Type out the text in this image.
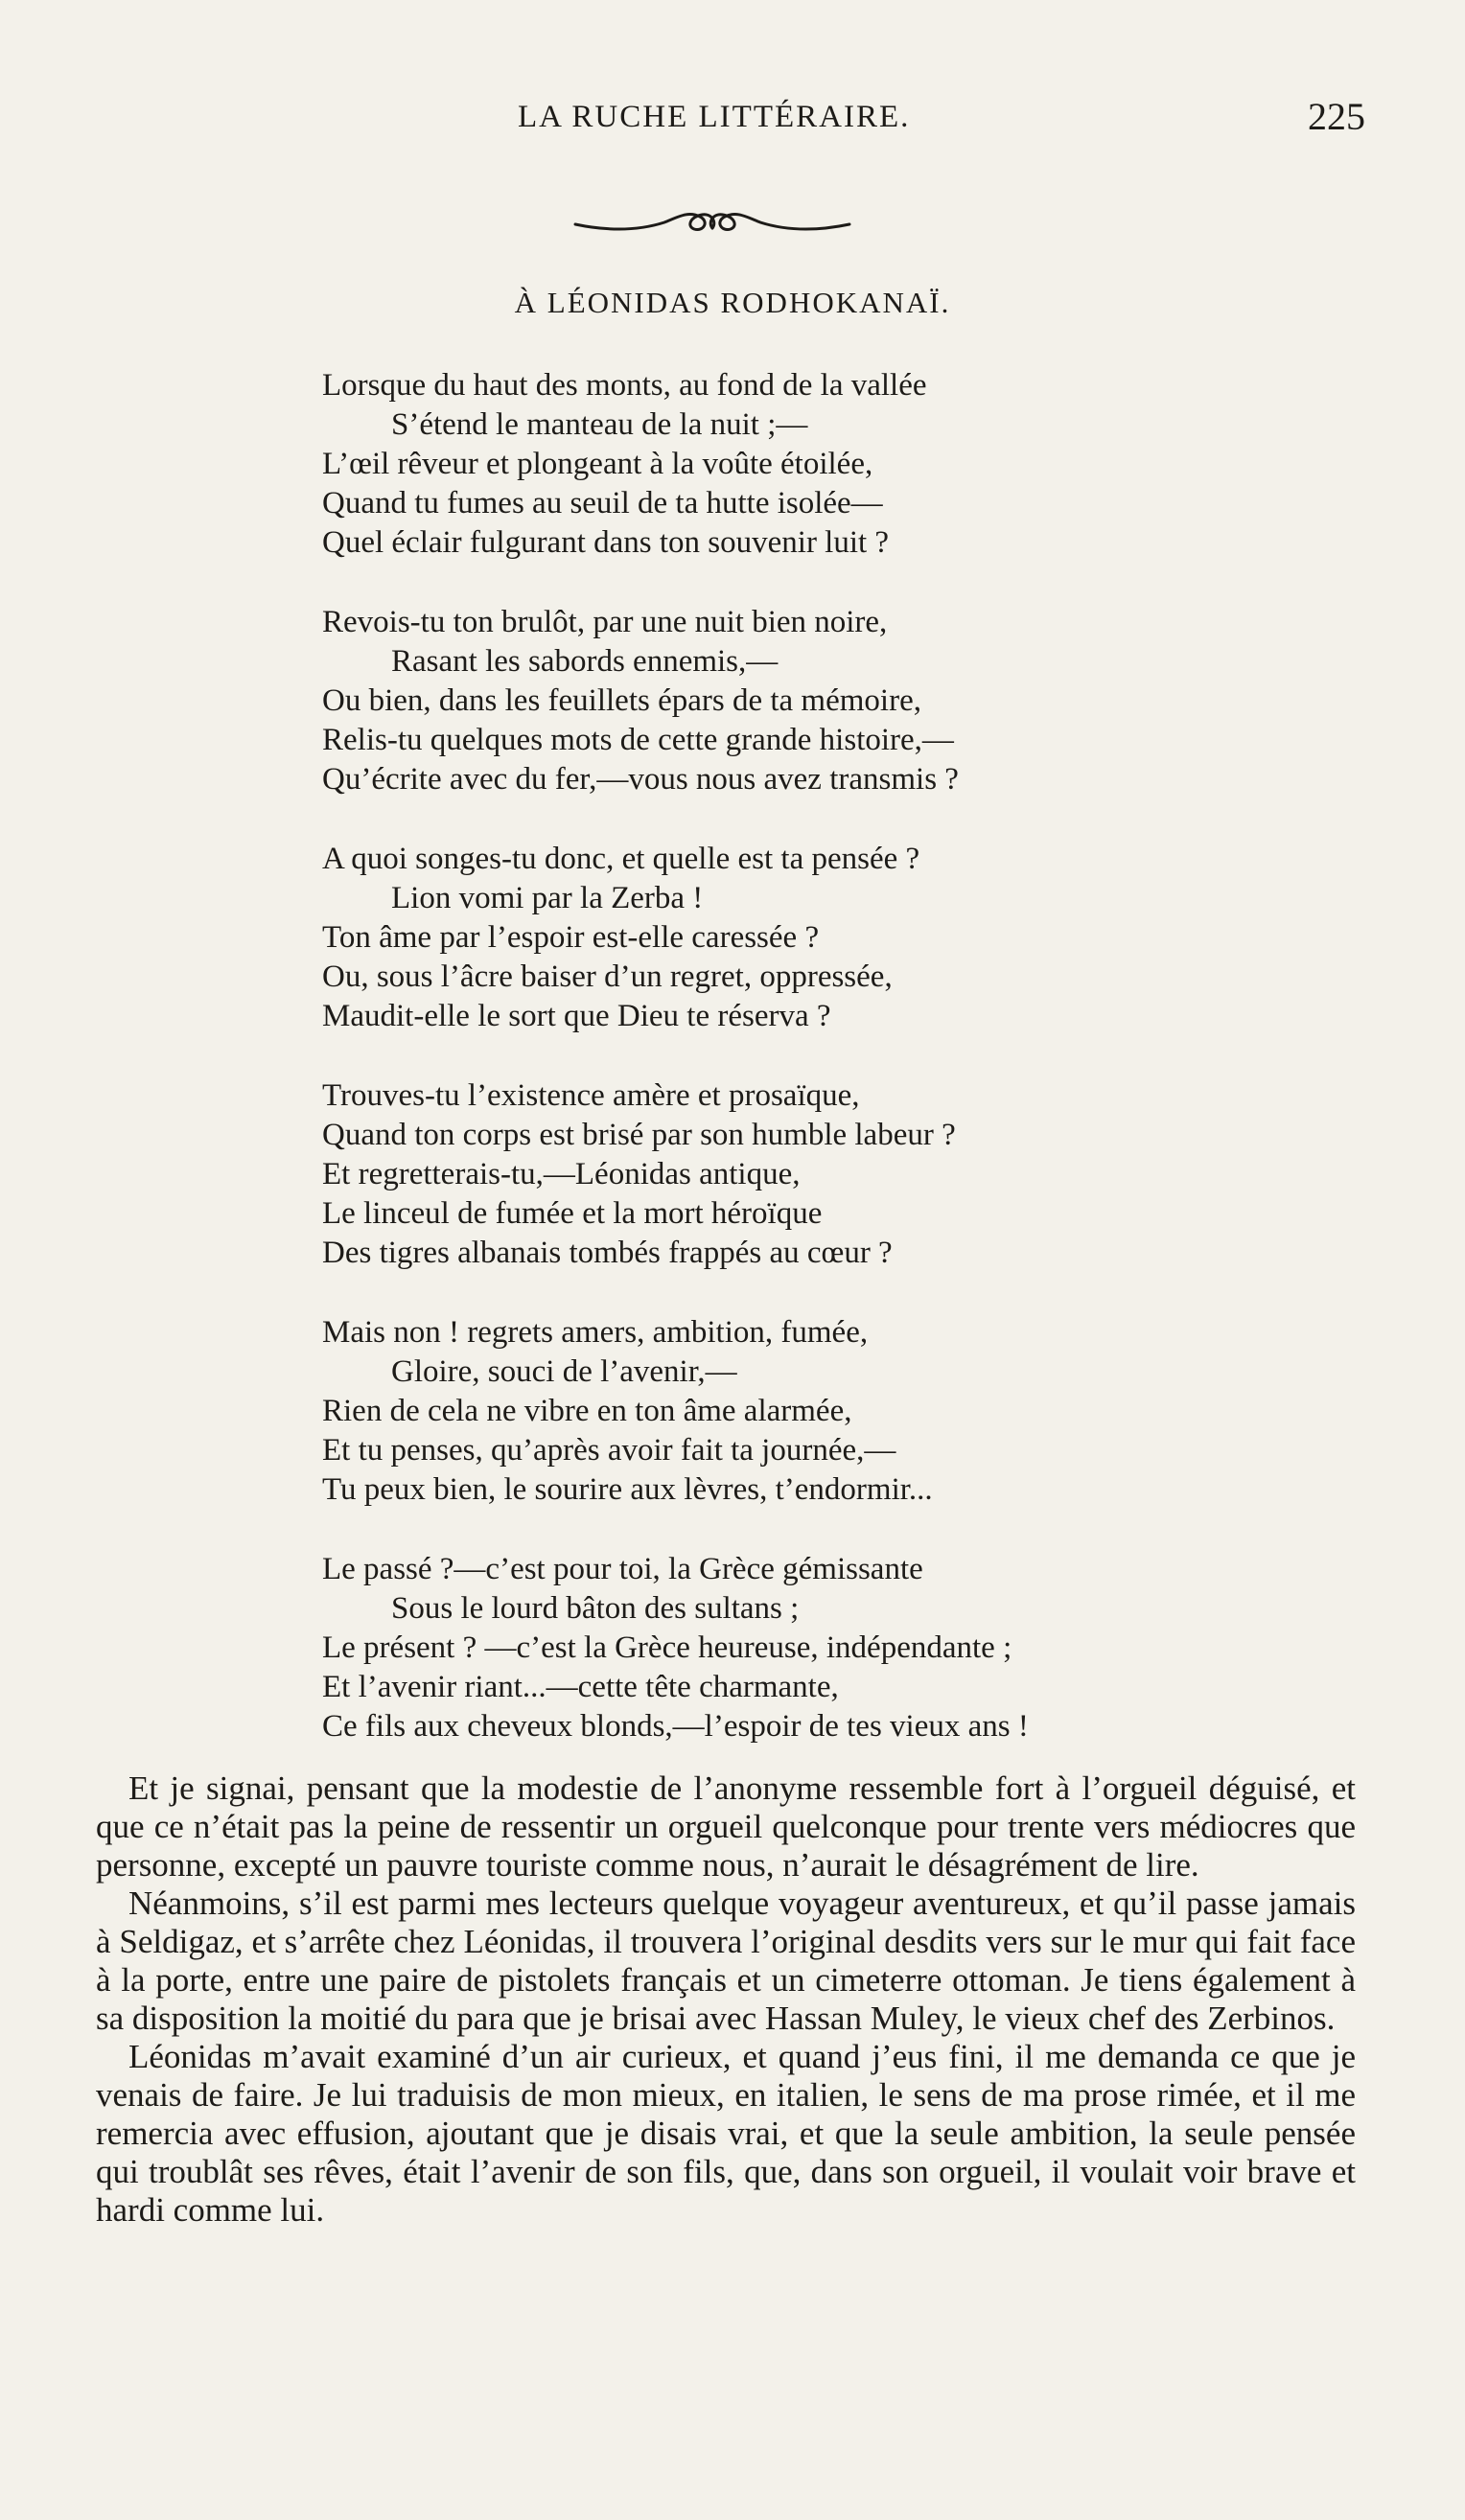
LA RUCHE LITTÉRAIRE.	225
À LÉONIDAS RODHOKANAÏ.
Lorsque du haut des monts, au fond de la vallée
S’étend le manteau de la nuit ;—
L’œil rêveur et plongeant à la voûte étoilée,
Quand tu fumes au seuil de ta hutte isolée—
Quel éclair fulgurant dans ton souvenir luit ?
Revois-tu ton brulôt, par une nuit bien noire,
Rasant les sabords ennemis,—
Ou bien, dans les feuillets épars de ta mémoire,
Relis-tu quelques mots de cette grande histoire,—
Qu’écrite avec du fer,—vous nous avez transmis ?
A quoi songes-tu donc, et quelle est ta pensée ?
Lion vomi par la Zerba !
Ton âme par l’espoir est-elle caressée ?
Ou, sous l’âcre baiser d’un regret, oppressée,
Maudit-elle le sort que Dieu te réserva ?
Trouves-tu l’existence amère et prosaïque,
Quand ton corps est brisé par son humble labeur ?
Et regretterais-tu,—Léonidas antique,
Le linceul de fumée et la mort héroïque
Des tigres albanais tombés frappés au cœur ?
Mais non ! regrets amers, ambition, fumée,
Gloire, souci de l’avenir,—
Rien de cela ne vibre en ton âme alarmée,
Et tu penses, qu’après avoir fait ta journée,—
Tu peux bien, le sourire aux lèvres, t’endormir...
Le passé ?—c’est pour toi, la Grèce gémissante
Sous le lourd bâton des sultans ;
Le présent ? —c’est la Grèce heureuse, indépendante ;
Et l’avenir riant...—cette tête charmante,
Ce fils aux cheveux blonds,—l’espoir de tes vieux ans !

Et je signai, pensant que la modestie de l’anonyme ressemble fort à l’orgueil déguisé, et que ce n’était pas la peine de ressentir un orgueil quelconque pour trente vers médiocres que personne, excepté un pauvre touriste comme nous, n’aurait le désagrément de lire.

Néanmoins, s’il est parmi mes lecteurs quelque voyageur aventureux, et qu’il passe jamais à Seldigaz, et s’arrête chez Léonidas, il trouvera l’original desdits vers sur le mur qui fait face à la porte, entre une paire de pistolets français et un cimeterre ottoman. Je tiens également à sa disposition la moitié du para que je brisai avec Hassan Muley, le vieux chef des Zerbinos.

Léonidas m’avait examiné d’un air curieux, et quand j’eus fini, il me demanda ce que je venais de faire. Je lui traduisis de mon mieux, en italien, le sens de ma prose rimée, et il me remercia avec effusion, ajoutant que je disais vrai, et que la seule ambition, la seule pensée qui troublât ses rêves, était l’avenir de son fils, que, dans son orgueil, il voulait voir brave et hardi comme lui.
